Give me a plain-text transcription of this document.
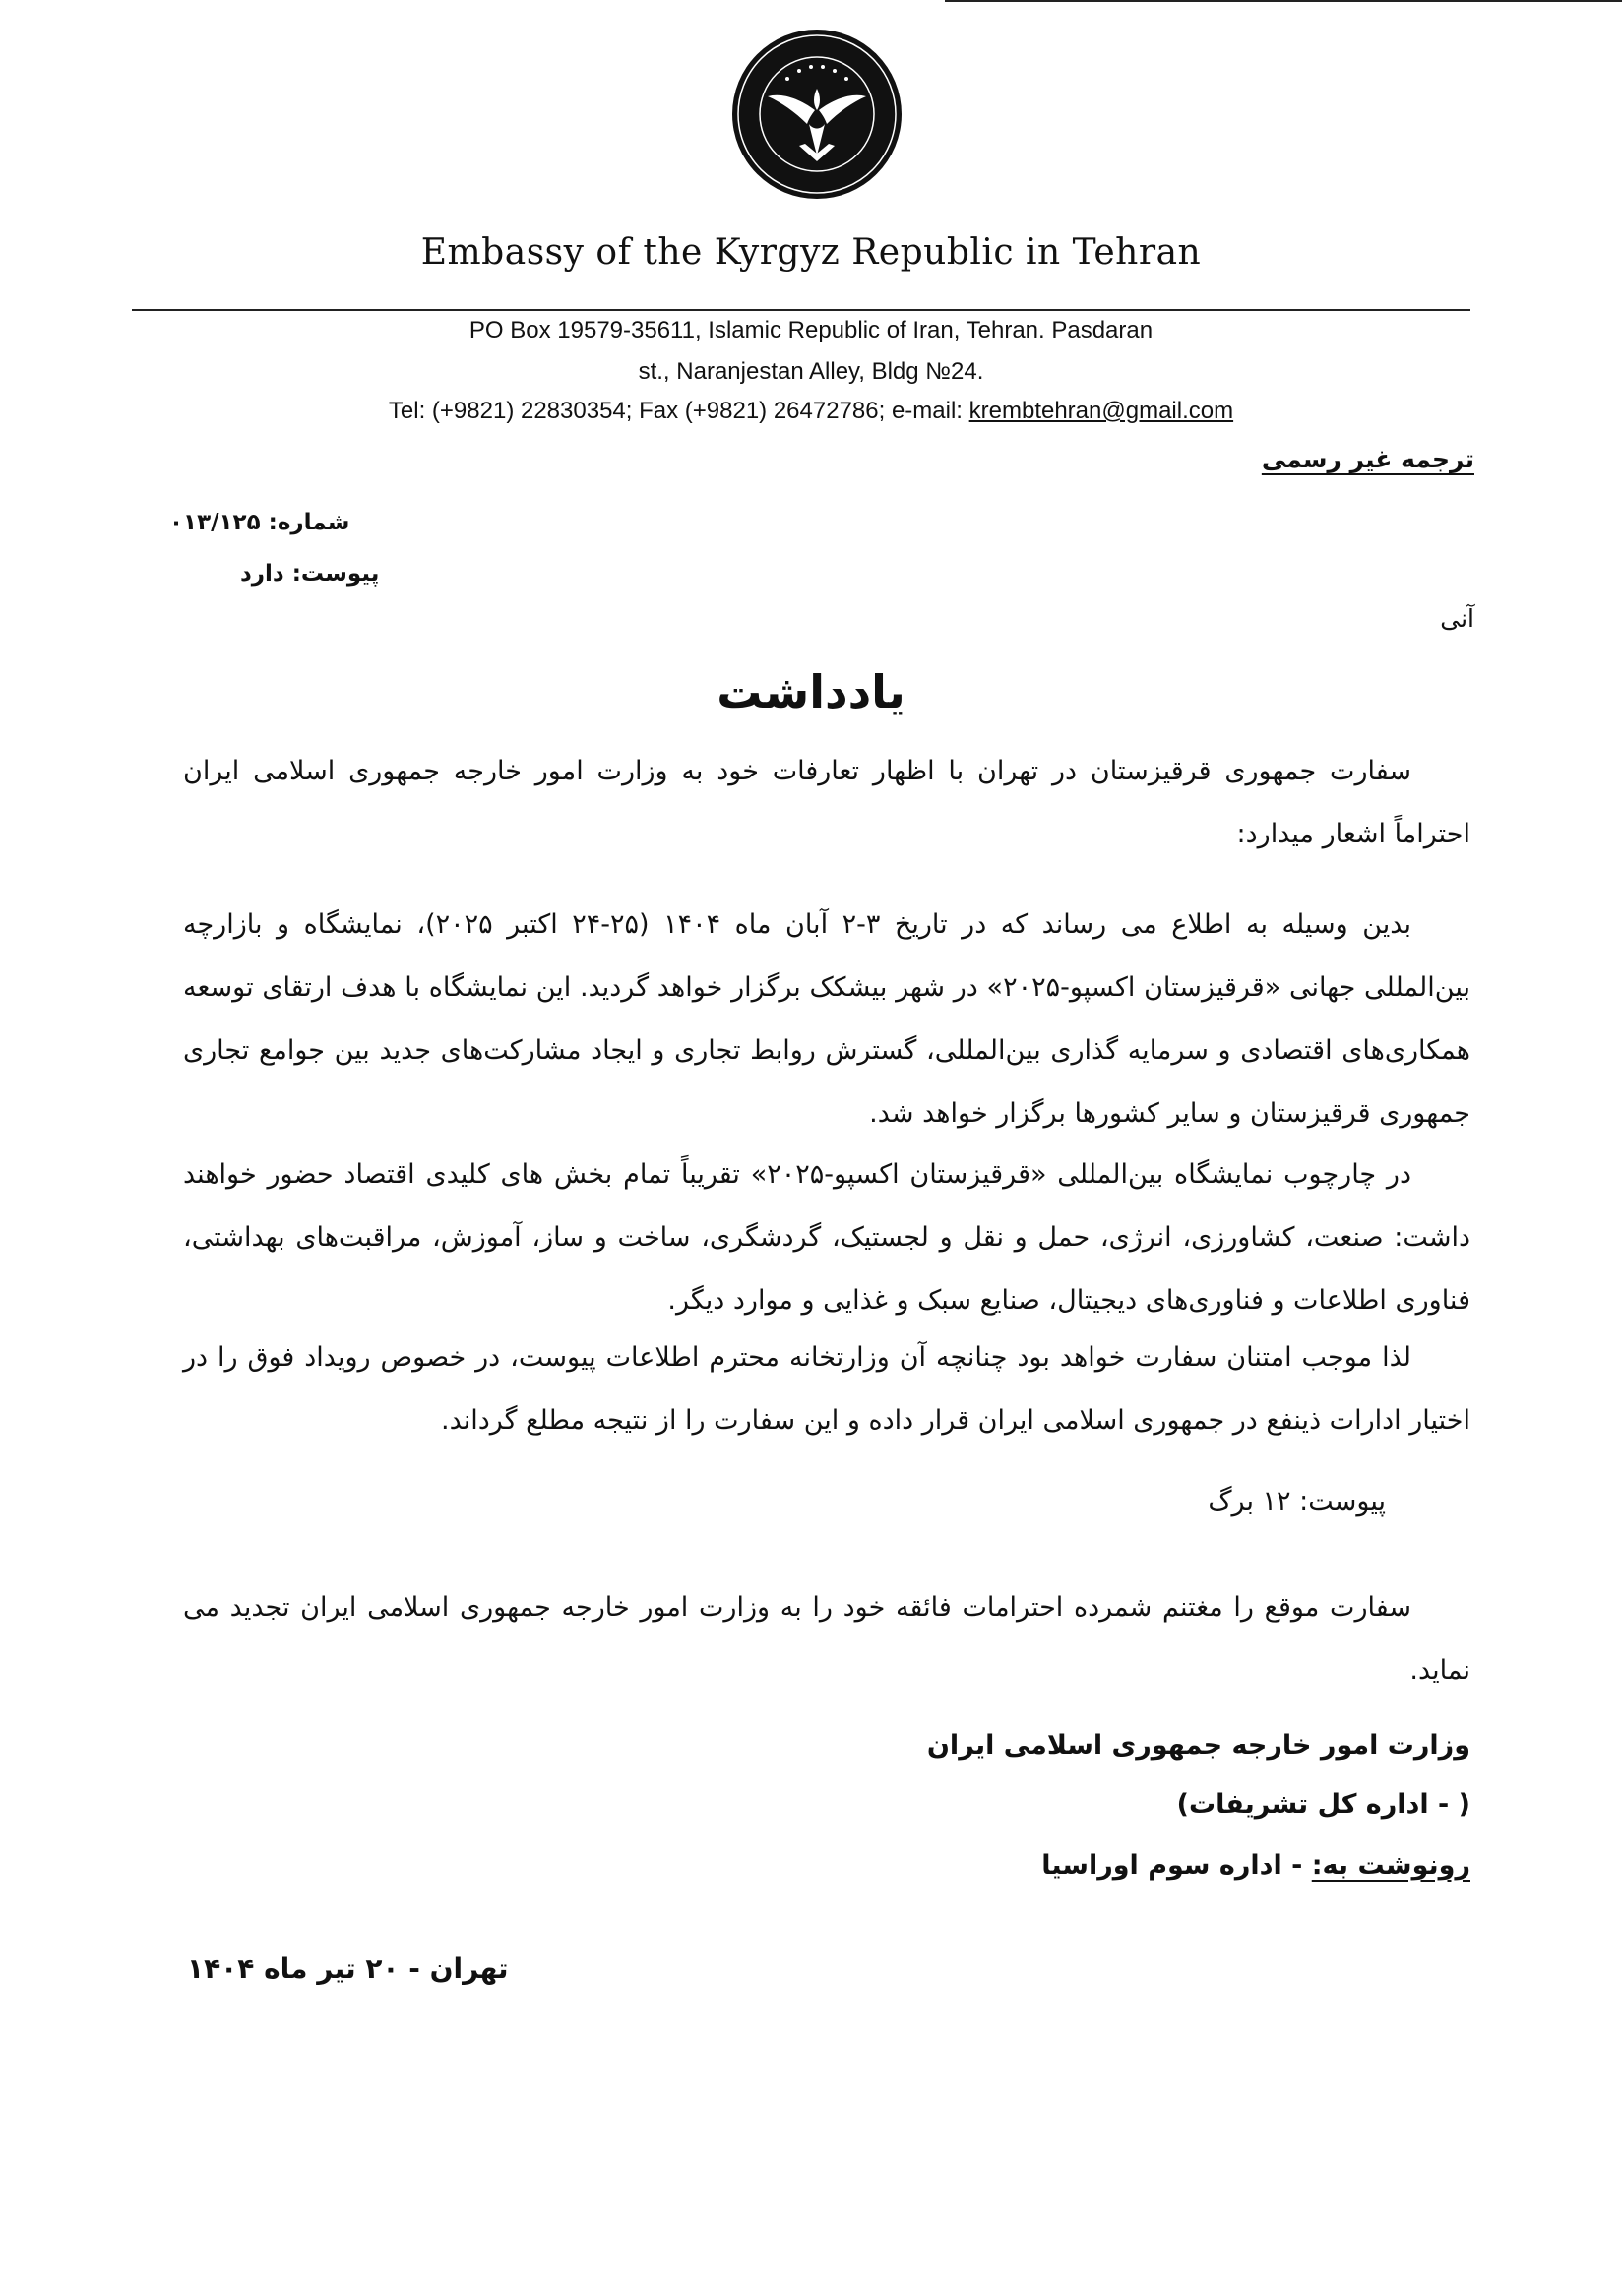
Embassy of the Kyrgyz Republic in Tehran
PO Box 19579-35611, Islamic Republic of Iran, Tehran. Pasdaran
st., Naranjestan Alley, Bldg №24.
Tel: (+9821) 22830354; Fax (+9821) 26472786; e-mail: krembtehran@gmail.com
ترجمه غیر رسمی
شماره: ۰۱۳/۱۲۵
پیوست: دارد
آنی
یادداشت
سفارت جمهوری قرقیزستان در تهران با اظهار تعارفات خود به وزارت امور خارجه جمهوری اسلامی ایران احتراماً اشعار میدارد:
بدین وسیله به اطلاع می رساند که در تاریخ ۳-۲ آبان ماه ۱۴۰۴ (۲۵-۲۴ اکتبر ۲۰۲۵)، نمایشگاه و بازارچه بین‌المللی جهانی «قرقیزستان اکسپو-۲۰۲۵» در شهر بیشکک برگزار خواهد گردید. این نمایشگاه با هدف ارتقای توسعه همکاری‌های اقتصادی و سرمایه گذاری بین‌المللی، گسترش روابط تجاری و ایجاد مشارکت‌های جدید بین جوامع تجاری جمهوری قرقیزستان و سایر کشورها برگزار خواهد شد.
در چارچوب نمایشگاه بین‌المللی «قرقیزستان اکسپو-۲۰۲۵» تقریباً تمام بخش های کلیدی اقتصاد حضور خواهند داشت: صنعت، کشاورزی، انرژی، حمل و نقل و لجستیک، گردشگری، ساخت و ساز، آموزش، مراقبت‌های بهداشتی، فناوری اطلاعات و فناوری‌های دیجیتال، صنایع سبک و غذایی و موارد دیگر.
لذا موجب امتنان سفارت خواهد بود چنانچه آن وزارتخانه محترم اطلاعات پیوست، در خصوص رویداد فوق را در اختیار ادارات ذینفع در جمهوری اسلامی ایران قرار داده و این سفارت را از نتیجه مطلع گرداند.
پیوست: ۱۲ برگ
سفارت موقع را مغتنم شمرده احترامات فائقه خود را به وزارت امور خارجه جمهوری اسلامی ایران تجدید می نماید.
وزارت امور خارجه جمهوری اسلامی ایران
( - اداره کل تشریفات)
رونوشت به: - اداره سوم اوراسیا
تهران - ۲۰ تیر ماه ۱۴۰۴
